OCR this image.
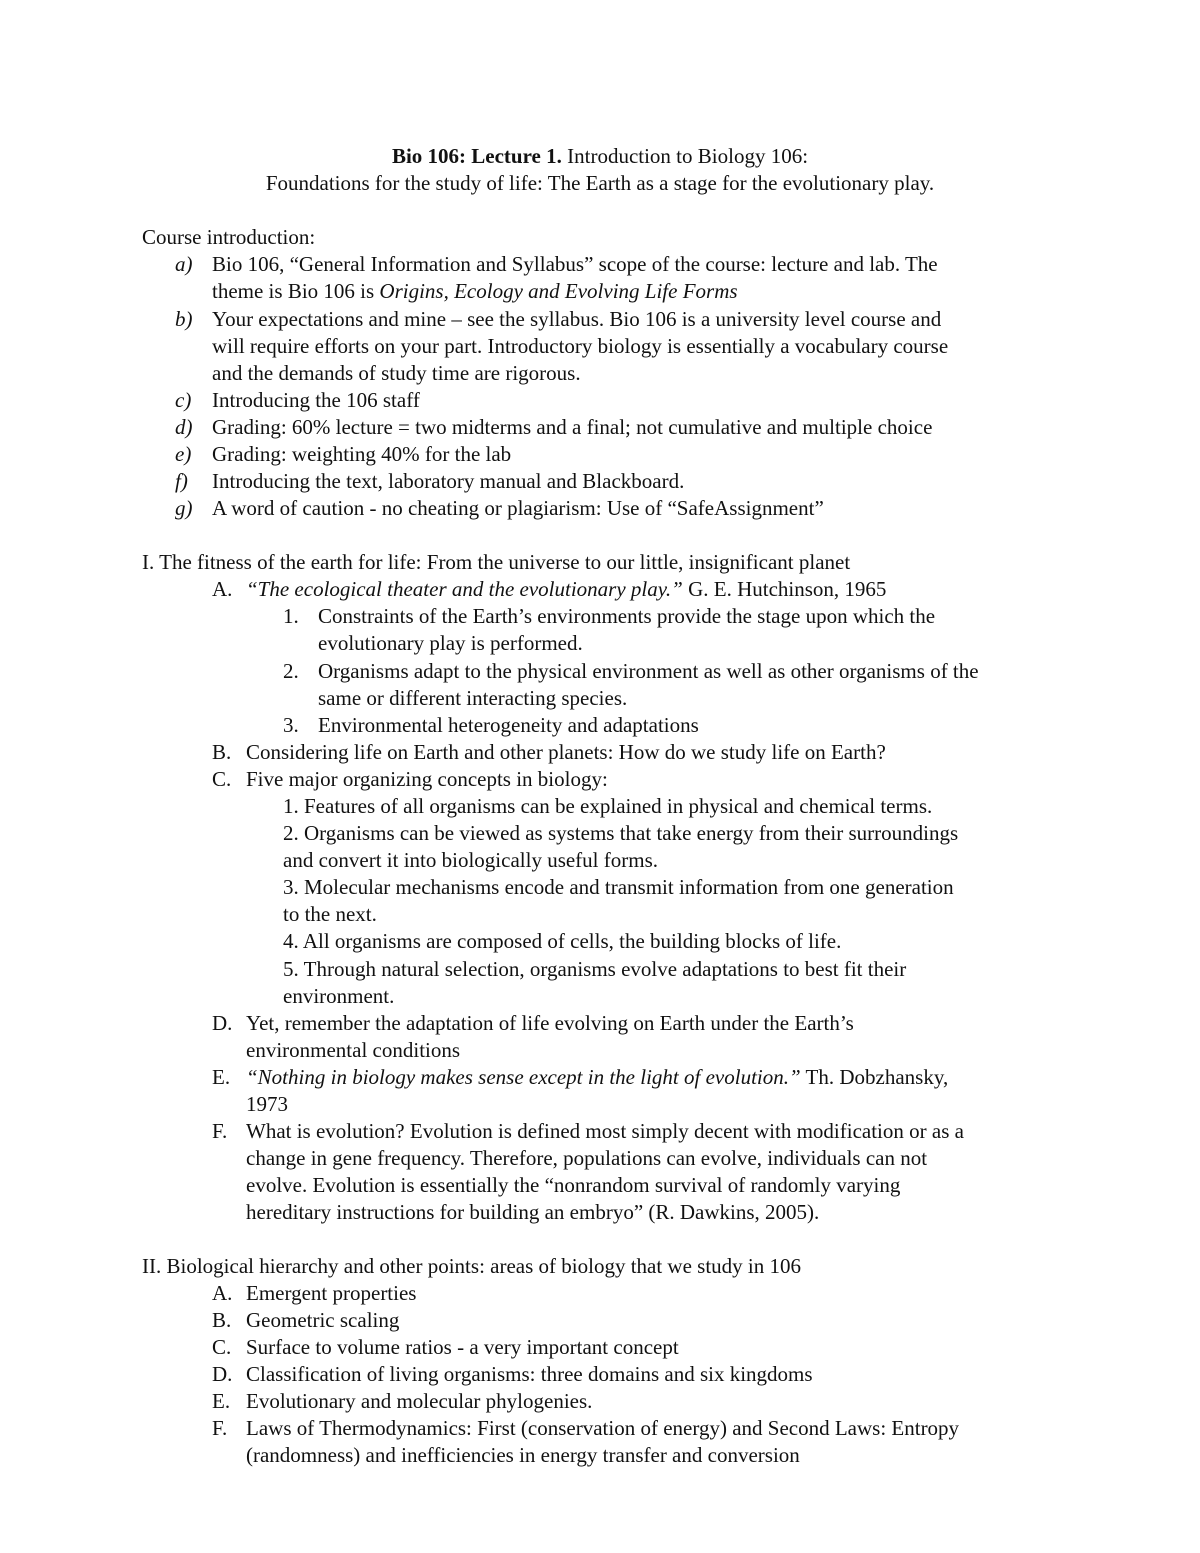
Bio 106: Lecture 1. Introduction to Biology 106:
Foundations for the study of life: The Earth as a stage for the evolutionary play.
Course introduction:
a) Bio 106, “General Information and Syllabus” scope of the course: lecture and lab. The
theme is Bio 106 is Origins, Ecology and Evolving Life Forms
b) Your expectations and mine – see the syllabus. Bio 106 is a university level course and
will require efforts on your part. Introductory biology is essentially a vocabulary course
and the demands of study time are rigorous.
c) Introducing the 106 staff
d) Grading: 60% lecture = two midterms and a final; not cumulative and multiple choice
e) Grading: weighting 40% for the lab
f) Introducing the text, laboratory manual and Blackboard.
g) A word of caution - no cheating or plagiarism: Use of “SafeAssignment”
I. The fitness of the earth for life: From the universe to our little, insignificant planet
A. “The ecological theater and the evolutionary play.” G. E. Hutchinson, 1965
1. Constraints of the Earth’s environments provide the stage upon which the
evolutionary play is performed.
2. Organisms adapt to the physical environment as well as other organisms of the
same or different interacting species.
3. Environmental heterogeneity and adaptations
B. Considering life on Earth and other planets: How do we study life on Earth?
C. Five major organizing concepts in biology:
1. Features of all organisms can be explained in physical and chemical terms.
2. Organisms can be viewed as systems that take energy from their surroundings
and convert it into biologically useful forms.
3. Molecular mechanisms encode and transmit information from one generation
to the next.
4. All organisms are composed of cells, the building blocks of life.
5. Through natural selection, organisms evolve adaptations to best fit their
environment.
D. Yet, remember the adaptation of life evolving on Earth under the Earth’s
environmental conditions
E. “Nothing in biology makes sense except in the light of evolution.” Th. Dobzhansky,
1973
F. What is evolution? Evolution is defined most simply decent with modification or as a
change in gene frequency. Therefore, populations can evolve, individuals can not
evolve. Evolution is essentially the “nonrandom survival of randomly varying
hereditary instructions for building an embryo” (R. Dawkins, 2005).
II. Biological hierarchy and other points: areas of biology that we study in 106
A. Emergent properties
B. Geometric scaling
C. Surface to volume ratios - a very important concept
D. Classification of living organisms: three domains and six kingdoms
E. Evolutionary and molecular phylogenies.
F. Laws of Thermodynamics: First (conservation of energy) and Second Laws: Entropy
(randomness) and inefficiencies in energy transfer and conversion
